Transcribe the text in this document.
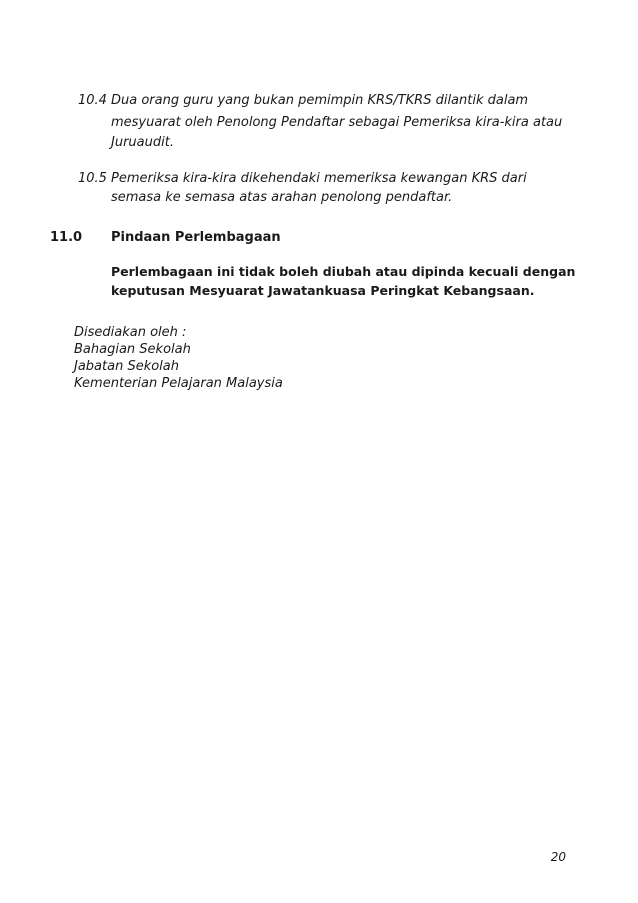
10.4 Dua orang guru yang bukan pemimpin KRS/TKRS dilantik dalam
mesyuarat oleh Penolong Pendaftar sebagai Pemeriksa kira-kira atau
Juruaudit.
10.5 Pemeriksa kira-kira dikehendaki memeriksa kewangan KRS dari
semasa ke semasa atas arahan penolong pendaftar.
11.0 Pindaan Perlembagaan
Perlembagaan ini tidak boleh diubah atau dipinda kecuali dengan
keputusan Mesyuarat Jawatankuasa Peringkat Kebangsaan.
Disediakan oleh :
Bahagian Sekolah
Jabatan Sekolah
Kementerian Pelajaran Malaysia
20
